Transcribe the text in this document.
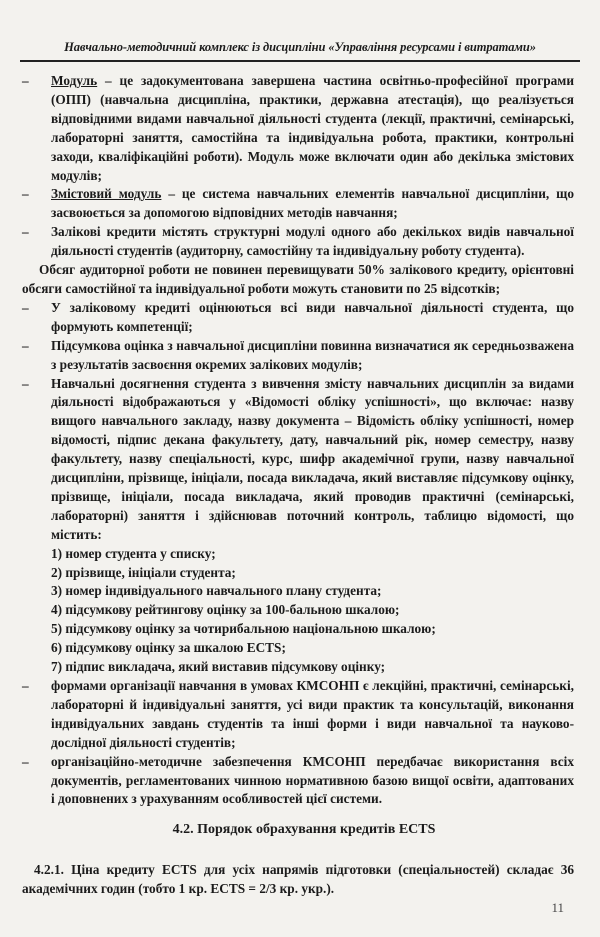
Навчально-методичний комплекс із дисципліни «Управління ресурсами і витратами»

– Модуль – це задокументована завершена частина освітньо-професійної програми (ОПП) (навчальна дисципліна, практики, державна атестація), що реалізується відповідними видами навчальної діяльності студента (лекції, практичні, семінарські, лабораторні заняття, самостійна та індивідуальна робота, практики, контрольні заходи, кваліфікаційні роботи). Модуль може включати один або декілька змістових модулів;

– Змістовий модуль – це система навчальних елементів навчальної дисципліни, що засвоюється за допомогою відповідних методів навчання;

– Залікові кредити містять структурні модулі одного або декількох видів навчальної діяльності студентів (аудиторну, самостійну та індивідуальну роботу студента).

Обсяг аудиторної роботи не повинен перевищувати 50% залікового кредиту, орієнтовні обсяги самостійної та індивідуальної роботи можуть становити по 25 відсотків;

– У заліковому кредиті оцінюються всі види навчальної діяльності студента, що формують компетенції;

– Підсумкова оцінка з навчальної дисципліни повинна визначатися як середньозважена з результатів засвоєння окремих залікових модулів;

– Навчальні досягнення студента з вивчення змісту навчальних дисциплін за видами діяльності відображаються у «Відомості обліку успішності», що включає: назву вищого навчального закладу, назву документа – Відомість обліку успішності, номер відомості, підпис декана факультету, дату, навчальний рік, номер семестру, назву факультету, назву спеціальності, курс, шифр академічної групи, назву навчальної дисципліни, прізвище, ініціали, посада викладача, який виставляє підсумкову оцінку, прізвище, ініціали, посада викладача, який проводив практичні (семінарські, лабораторні) заняття і здійснював поточний контроль, таблицю відомості, що містить:

1) номер студента у списку;

2) прізвище, ініціали студента;

3) номер індивідуального навчального плану студента;

4) підсумкову рейтингову оцінку за 100-бальною шкалою;

5) підсумкову оцінку за чотирибальною національною шкалою;

6) підсумкову оцінку за шкалою ECTS;

7) підпис викладача, який виставив підсумкову оцінку;

– формами організації навчання в умовах КМСОНП є лекційні, практичні, семінарські, лабораторні й індивідуальні заняття, усі види практик та консультацій, виконання індивідуальних завдань студентів та інші форми і види навчальної та науково-дослідної діяльності студентів;

– організаційно-методичне забезпечення КМСОНП передбачає використання всіх документів, регламентованих чинною нормативною базою вищої освіти, адаптованих і доповнених з урахуванням особливостей цієї системи.

4.2. Порядок обрахування кредитів ECTS

4.2.1. Ціна кредиту ECTS для усіх напрямів підготовки (спеціальностей) складає 36 академічних годин (тобто 1 кр. ECTS = 2/3 кр. укр.).

11
